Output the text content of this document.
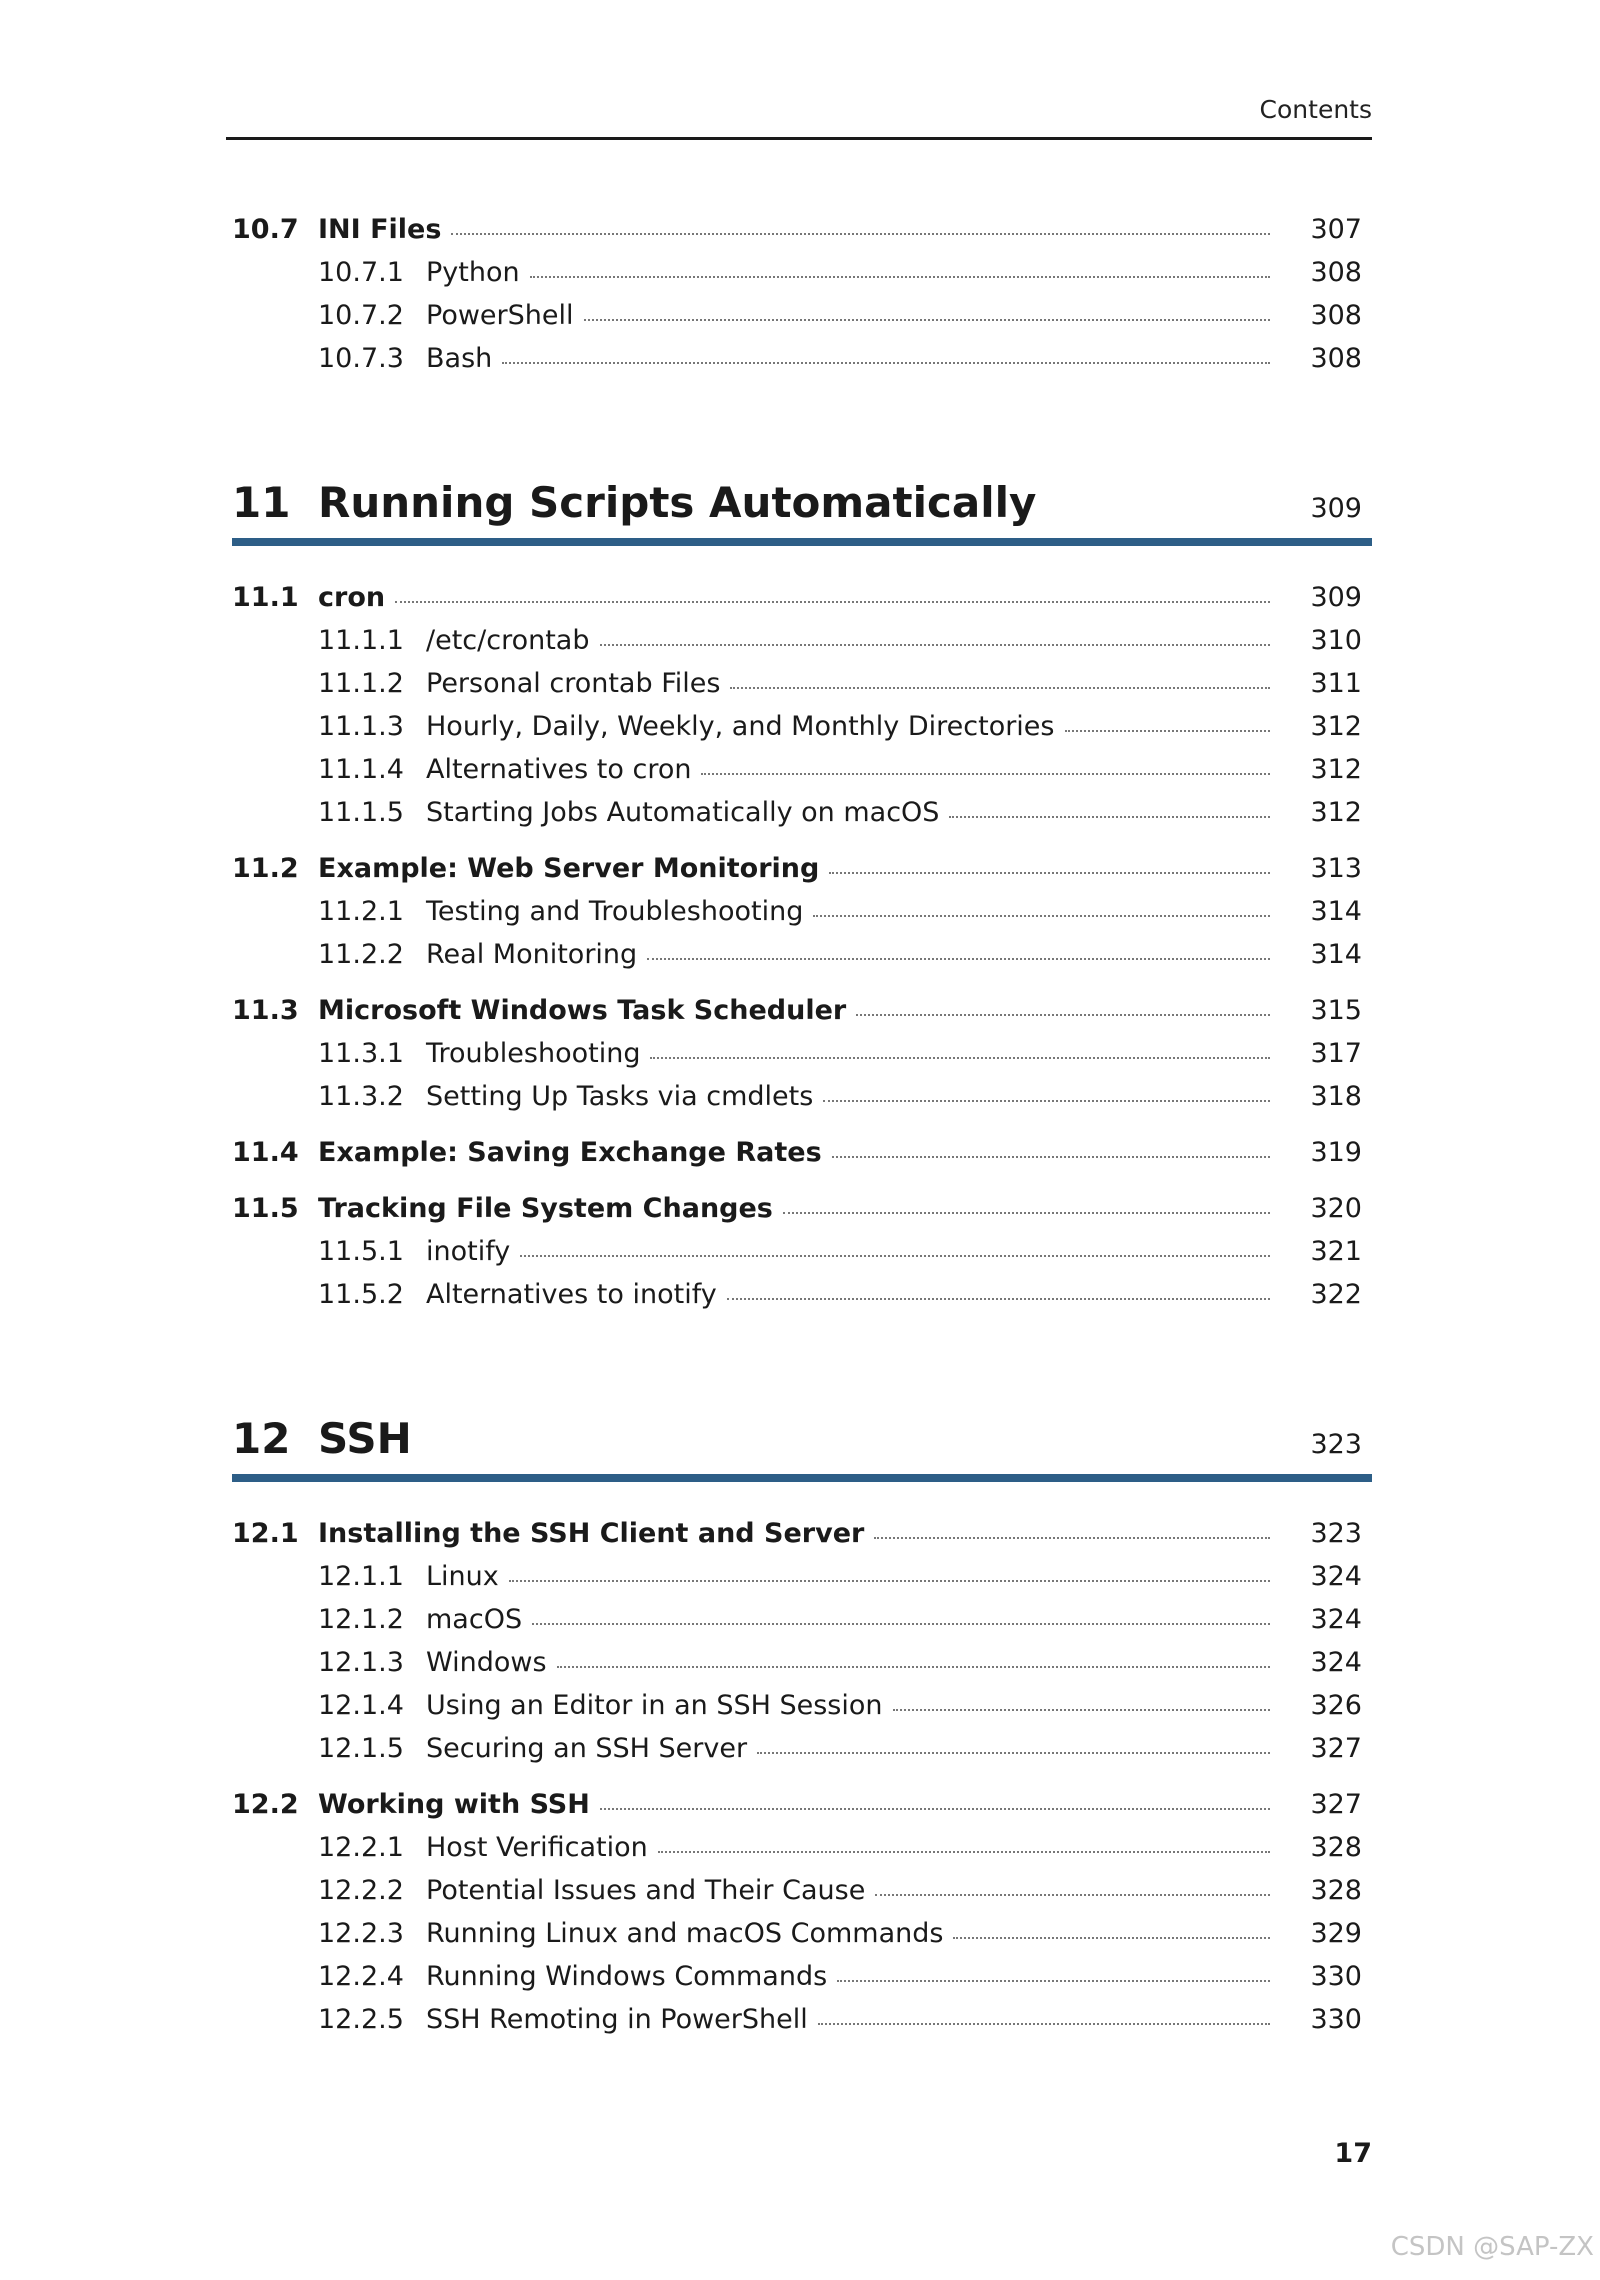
Contents
10.7 INI Files	307
10.7.1 Python	308
10.7.2 PowerShell	308
10.7.3 Bash	308
11 Running Scripts Automatically	309
11.1 cron	309
11.1.1 /etc/crontab	310
11.1.2 Personal crontab Files	311
11.1.3 Hourly, Daily, Weekly, and Monthly Directories	312
11.1.4 Alternatives to cron	312
11.1.5 Starting Jobs Automatically on macOS	312
11.2 Example: Web Server Monitoring	313
11.2.1 Testing and Troubleshooting	314
11.2.2 Real Monitoring	314
11.3 Microsoft Windows Task Scheduler	315
11.3.1 Troubleshooting	317
11.3.2 Setting Up Tasks via cmdlets	318
11.4 Example: Saving Exchange Rates	319
11.5 Tracking File System Changes	320
11.5.1 inotify	321
11.5.2 Alternatives to inotify	322
12 SSH	323
12.1 Installing the SSH Client and Server	323
12.1.1 Linux	324
12.1.2 macOS	324
12.1.3 Windows	324
12.1.4 Using an Editor in an SSH Session	326
12.1.5 Securing an SSH Server	327
12.2 Working with SSH	327
12.2.1 Host Verification	328
12.2.2 Potential Issues and Their Cause	328
12.2.3 Running Linux and macOS Commands	329
12.2.4 Running Windows Commands	330
12.2.5 SSH Remoting in PowerShell	330
17
CSDN @SAP-ZX
